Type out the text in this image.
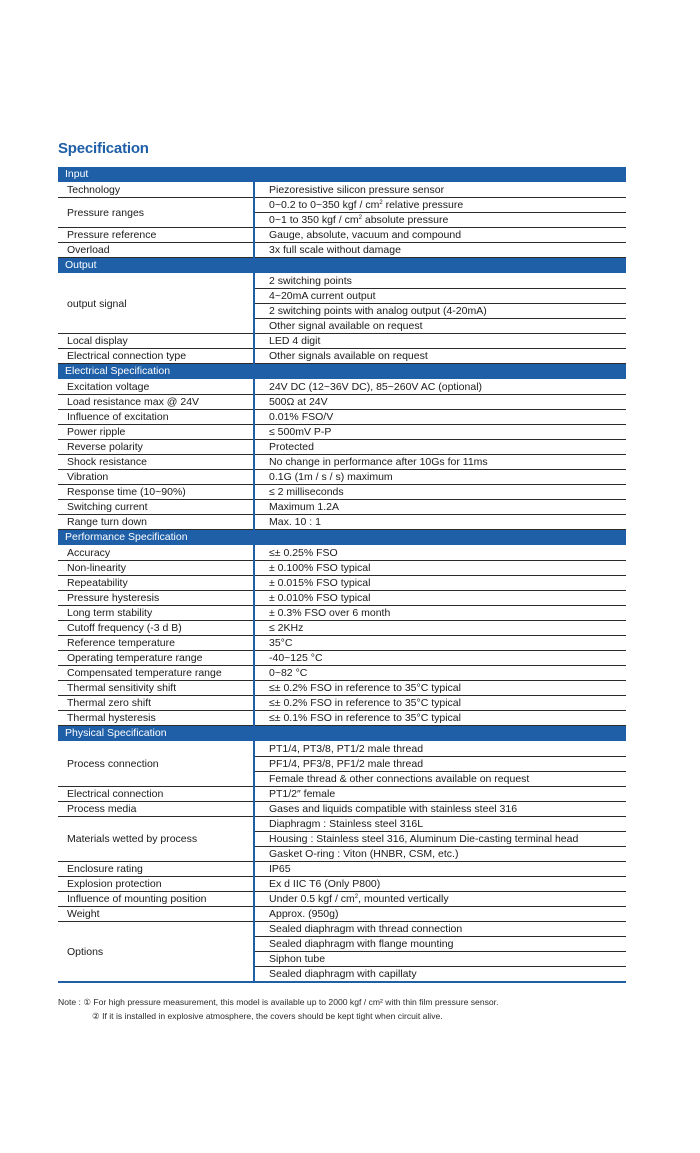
Specification
Input	
Technology	Piezoresistive silicon pressure sensor
Pressure ranges	0~0.2 to 0~350 kgf / $cm^2$ relative pressure
	0~1 to 350 kgf / $cm^2$ absolute pressure
Pressure reference	Gauge, absolute, vacuum and compound
Overload	3x full scale without damage
Output	
output signal	2 switching points
	4~20mA current output
	2 switching points with analog output (4-20mA)
	Other signal available on request
Local display	LED 4 digit
Electrical connection type	Other signals available on request
Electrical Specification	
Excitation voltage	24V DC (12~36V DC), 85~260V AC (optional)
Load resistance max @ 24V	500Ω at 24V
Influence of excitation	0.01% FSO/V
Power ripple	≤ 500mV P-P
Reverse polarity	Protected
Shock resistance	No change in performance after 10Gs for 11ms
Vibration	0.1G (1m / s / s) maximum
Response time (10~90%)	≤ 2 milliseconds
Switching current	Maximum 1.2A
Range turn down	Max. 10 : 1
Performance Specification	
Accuracy	≤± 0.25% FSO
Non-linearity	± 0.100% FSO typical
Repeatability	± 0.015% FSO typical
Pressure hysteresis	± 0.010% FSO typical
Long term stability	± 0.3% FSO over 6 month
Cutoff frequency (-3 d B)	≤ 2KHz
Reference temperature	35°C
Operating temperature range	-40~125 °C
Compensated temperature range	0~82 °C
Thermal sensitivity shift	≤± 0.2% FSO in reference to 35°C typical
Thermal zero shift	≤± 0.2% FSO in reference to 35°C typical
Thermal hysteresis	≤± 0.1% FSO in reference to 35°C typical
Physical Specification	
Process connection	PT1/4, PT3/8, PT1/2 male thread
	PF1/4, PF3/8, PF1/2 male thread
	Female thread & other connections available on request
Electrical connection	PT1/2″ female
Process media	Gases and liquids compatible with stainless steel 316
Materials wetted by process	Diaphragm : Stainless steel 316L
	Housing : Stainless steel 316, Aluminum Die-casting terminal head
	Gasket O-ring : Viton (HNBR, CSM, etc.)
Enclosure rating	IP65
Explosion protection	Ex d IIC T6 (Only P800)
Influence of mounting position	Under 0.5 kgf / $cm^2$, mounted vertically
Weight	Approx. (950g)
Options	Sealed diaphragm with thread connection
	Sealed diaphragm with flange mounting
	Siphon tube
	Sealed diaphragm with capillaty
Note : ① For high pressure measurement, this model is available up to 2000 kgf / cm² with thin film pressure sensor.
② If it is installed in explosive atmosphere, the covers should be kept tight when circuit alive.
